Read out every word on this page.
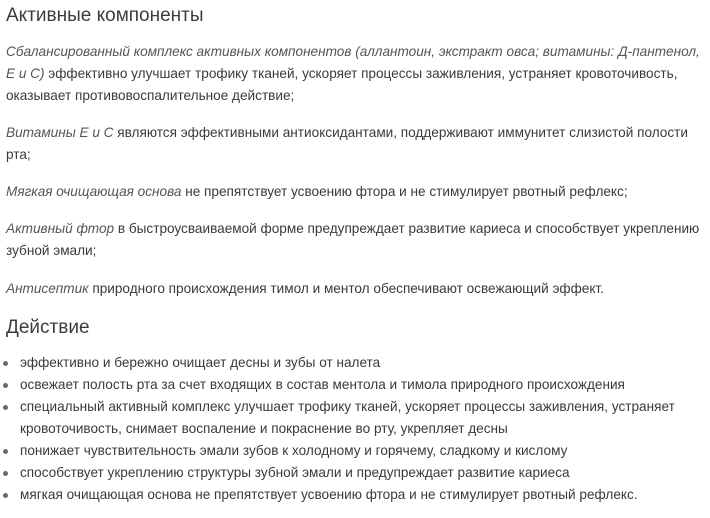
Активные компоненты

Сбалансированный комплекс активных компонентов (аллантоин, экстракт овса; витамины: Д-пантенол, Е и С) эффективно улучшает трофику тканей, ускоряет процессы заживления, устраняет кровоточивость, оказывает противовоспалительное действие;

Витамины Е и С являются эффективными антиоксидантами, поддерживают иммунитет слизистой полости рта;

Мягкая очищающая основа не препятствует усвоению фтора и не стимулирует рвотный рефлекс;

Активный фтор в быстроусваиваемой форме предупреждает развитие кариеса и способствует укреплению зубной эмали;

Антисептик природного происхождения тимол и ментол обеспечивают освежающий эффект.

Действие
эффективно и бережно очищает десны и зубы от налета
освежает полость рта за счет входящих в состав ментола и тимола природного происхождения
специальный активный комплекс улучшает трофику тканей, ускоряет процессы заживления, устраняет кровоточивость, снимает воспаление и покраснение во рту, укрепляет десны
понижает чувствительность эмали зубов к холодному и горячему, сладкому и кислому
способствует укреплению структуры зубной эмали и предупреждает развитие кариеса
мягкая очищающая основа не препятствует усвоению фтора и не стимулирует рвотный рефлекс.
